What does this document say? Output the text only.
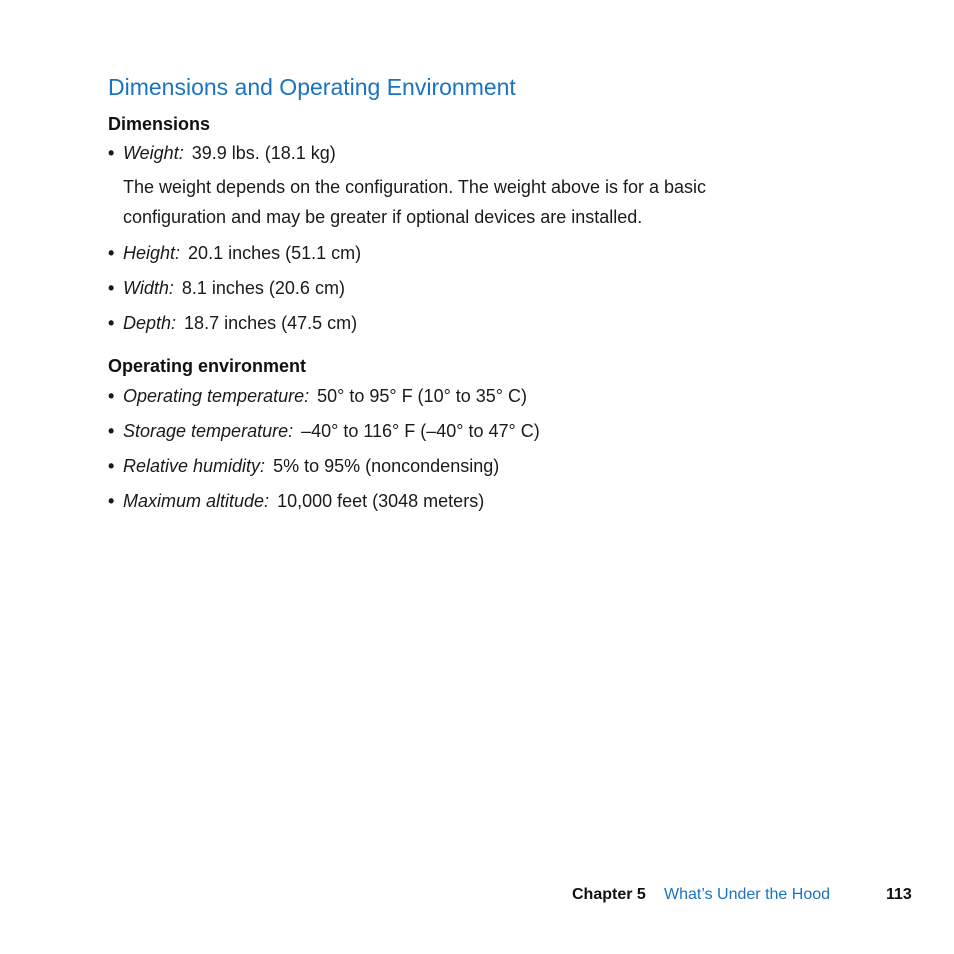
Dimensions and Operating Environment
Dimensions
• Weight: 39.9 lbs. (18.1 kg)

The weight depends on the configuration. The weight above is for a basic
configuration and may be greater if optional devices are installed.

• Height: 20.1 inches (51.1 cm)
• Width: 8.1 inches (20.6 cm)
• Depth: 18.7 inches (47.5 cm)
Operating environment
• Operating temperature: 50° to 95° F (10° to 35° C)
• Storage temperature: –40° to 116° F (–40° to 47° C)
• Relative humidity: 5% to 95% (noncondensing)
• Maximum altitude: 10,000 feet (3048 meters)
Chapter 5 What’s Under the Hood	113
